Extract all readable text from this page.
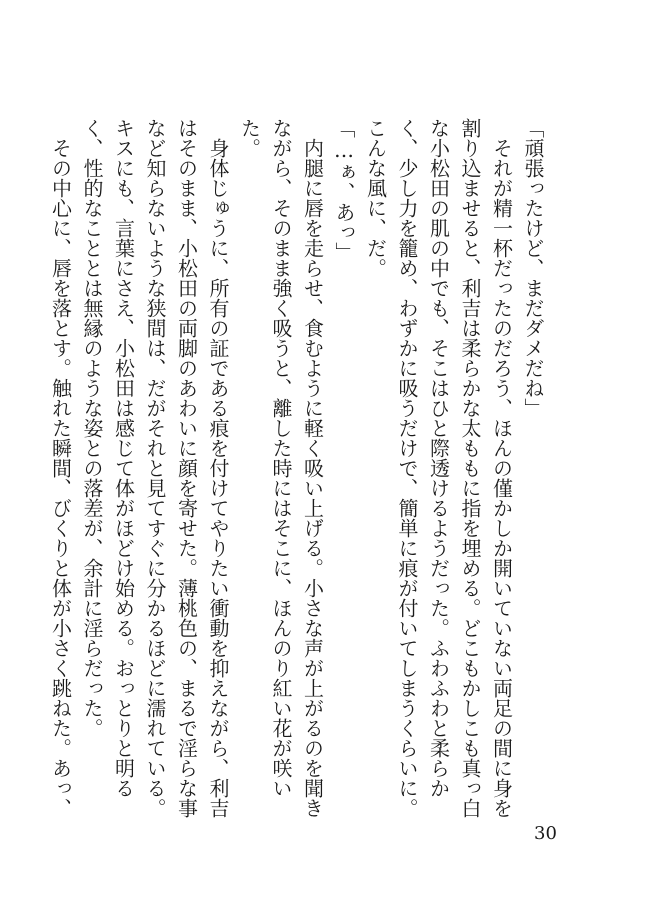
「頑張ったけど、まだダメだね」

それが精一杯だったのだろう、ほんの僅かしか開いていない両足の間に身を割り込ませると、利吉は柔らかな太ももに指を埋める。どこもかしこも真っ白な小松田の肌の中でも、そこはひと際透けるようだった。ふわふわと柔らかく、少し力を籠め、わずかに吸うだけで、簡単に痕が付いてしまうくらいに。こんな風に、だ。

「…ぁ、あっ」

内腿に唇を走らせ、食むように軽く吸い上げる。小さな声が上がるのを聞きながら、そのまま強く吸うと、離した時にはそこに、ほんのり紅い花が咲いた。

身体じゅうに、所有の証である痕を付けてやりたい衝動を抑えながら、利吉はそのまま、小松田の両脚のあわいに顔を寄せた。薄桃色の、まるで淫らな事など知らないような狭間は、だがそれと見てすぐに分かるほどに濡れている。キスにも、言葉にさえ、小松田は感じて体がほどけ始める。おっとりと明るく、性的なこととは無縁のような姿との落差が、余計に淫らだった。

その中心に、唇を落とす。触れた瞬間、びくりと体が小さく跳ねた。あっ、

30
